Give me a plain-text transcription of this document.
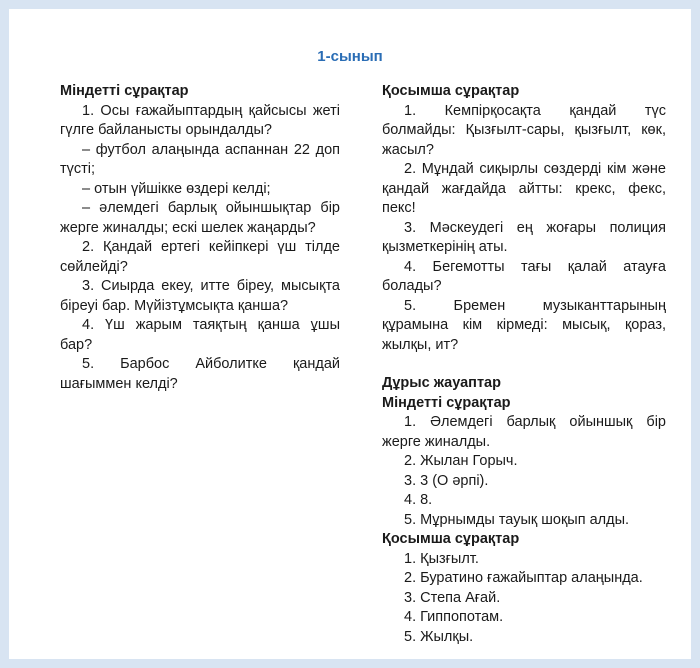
1-сынып

Міндетті сұрақтар

1. Осы ғажайыптардың қайсысы жеті гүлге байланысты орындалды?

– футбол алаңында аспаннан 22 доп түсті;

– отын үйшікке өздері келді;

– әлемдегі барлық ойыншықтар бір жерге жиналды; ескі шелек жаңарды?

2. Қандай ертегі кейіпкері үш тілде сөйлейді?

3. Сиырда екеу, итте біреу, мысықта біреуі бар. Мүйізтұмсықта қанша?

4. Үш жарым таяқтың қанша ұшы бар?

5. Барбос Айболитке қандай шағыммен келді?

Қосымша сұрақтар

1. Кемпірқосақта қандай түс болмайды: Қызғылт-сары, қызғылт, көк, жасыл?

2. Мұндай сиқырлы сөздерді кім және қандай жағдайда айтты: крекс, фекс, пекс!

3. Мәскеудегі ең жоғары полиция қызметкерінің аты.

4. Бегемотты тағы қалай атауға болады?

5. Бремен музыканттарының құрамына кім кірмеді: мысық, қораз, жылқы, ит?

Дұрыс жауаптар

Міндетті сұрақтар

1. Әлемдегі барлық ойыншық бір жерге жиналды.

2. Жылан Горыч.

3. 3 (О әрпі).

4. 8.

5. Мұрнымды тауық шоқып алды.

Қосымша сұрақтар

1. Қызғылт.

2. Буратино ғажайыптар алаңында.

3. Степа Ағай.

4. Гиппопотам.

5. Жылқы.
